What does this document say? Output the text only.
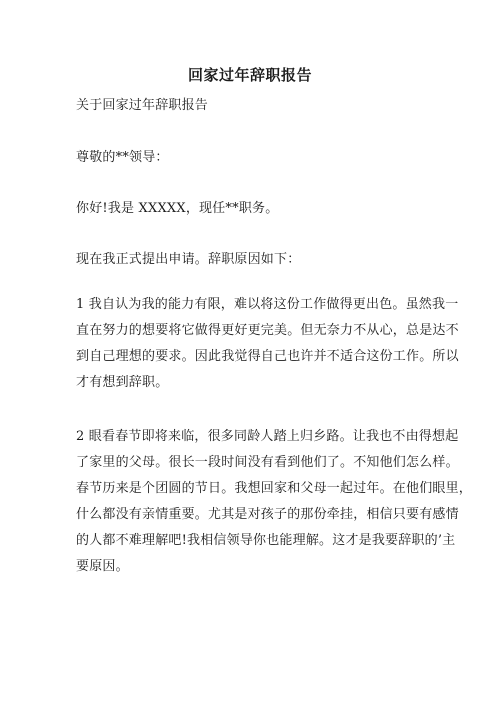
回家过年辞职报告
关于回家过年辞职报告
尊敬的**领导：
你好!我是 XXXXX，现任**职务。
现在我正式提出申请。辞职原因如下：
1 我自认为我的能力有限，难以将这份工作做得更出色。虽然我一
直在努力的想要将它做得更好更完美。但无奈力不从心，总是达不
到自己理想的要求。因此我觉得自己也许并不适合这份工作。所以
才有想到辞职。
2 眼看春节即将来临，很多同龄人踏上归乡路。让我也不由得想起
了家里的父母。很长一段时间没有看到他们了。不知他们怎么样。
春节历来是个团圆的节日。我想回家和父母一起过年。在他们眼里，
什么都没有亲情重要。尤其是对孩子的那份牵挂，相信只要有感情
的人都不难理解吧!我相信领导你也能理解。这才是我要辞职的’主
要原因。
